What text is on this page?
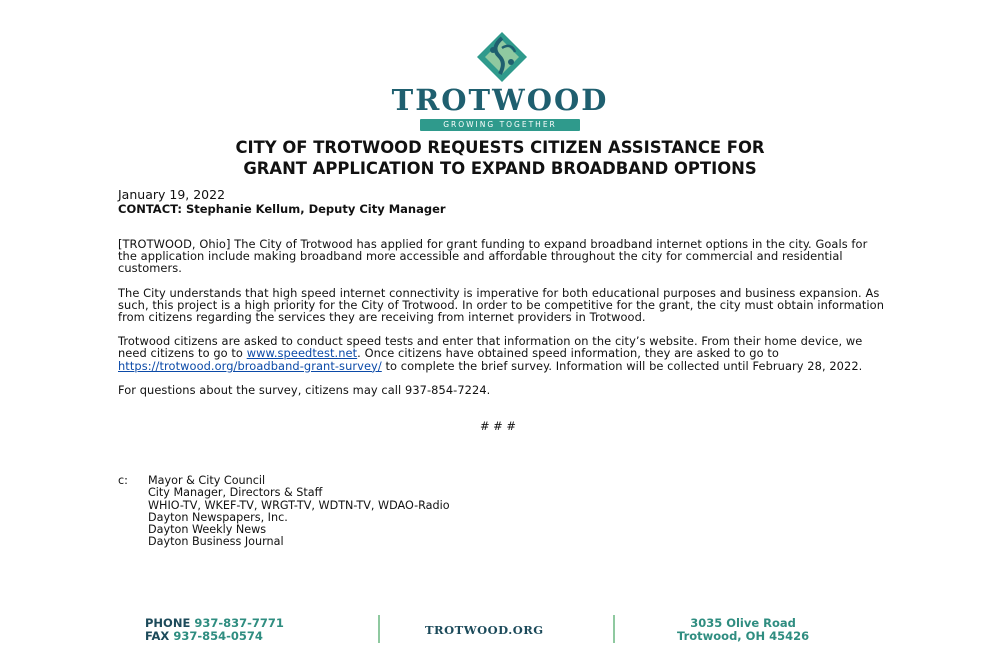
TROTWOOD
GROWING TOGETHER
CITY OF TROTWOOD REQUESTS CITIZEN ASSISTANCE FOR
GRANT APPLICATION TO EXPAND BROADBAND OPTIONS
January 19, 2022
CONTACT: Stephanie Kellum, Deputy City Manager

[TROTWOOD, Ohio] The City of Trotwood has applied for grant funding to expand broadband internet options in the city. Goals for the application include making broadband more accessible and affordable throughout the city for commercial and residential customers.

The City understands that high speed internet connectivity is imperative for both educational purposes and business expansion. As such, this project is a high priority for the City of Trotwood. In order to be competitive for the grant, the city must obtain information from citizens regarding the services they are receiving from internet providers in Trotwood.

Trotwood citizens are asked to conduct speed tests and enter that information on the city’s website. From their home device, we need citizens to go to www.speedtest.net. Once citizens have obtained speed information, they are asked to go to https://trotwood.org/broadband-grant-survey/ to complete the brief survey. Information will be collected until February 28, 2022.

For questions about the survey, citizens may call 937-854-7224.

# # #
c:	Mayor & City Council
City Manager, Directors & Staff
WHIO-TV, WKEF-TV, WRGT-TV, WDTN-TV, WDAO-Radio
Dayton Newspapers, Inc.
Dayton Weekly News
Dayton Business Journal
PHONE 937-837-7771
FAX 937-854-0574	TROTWOOD.ORG	3035 Olive Road
Trotwood, OH 45426
